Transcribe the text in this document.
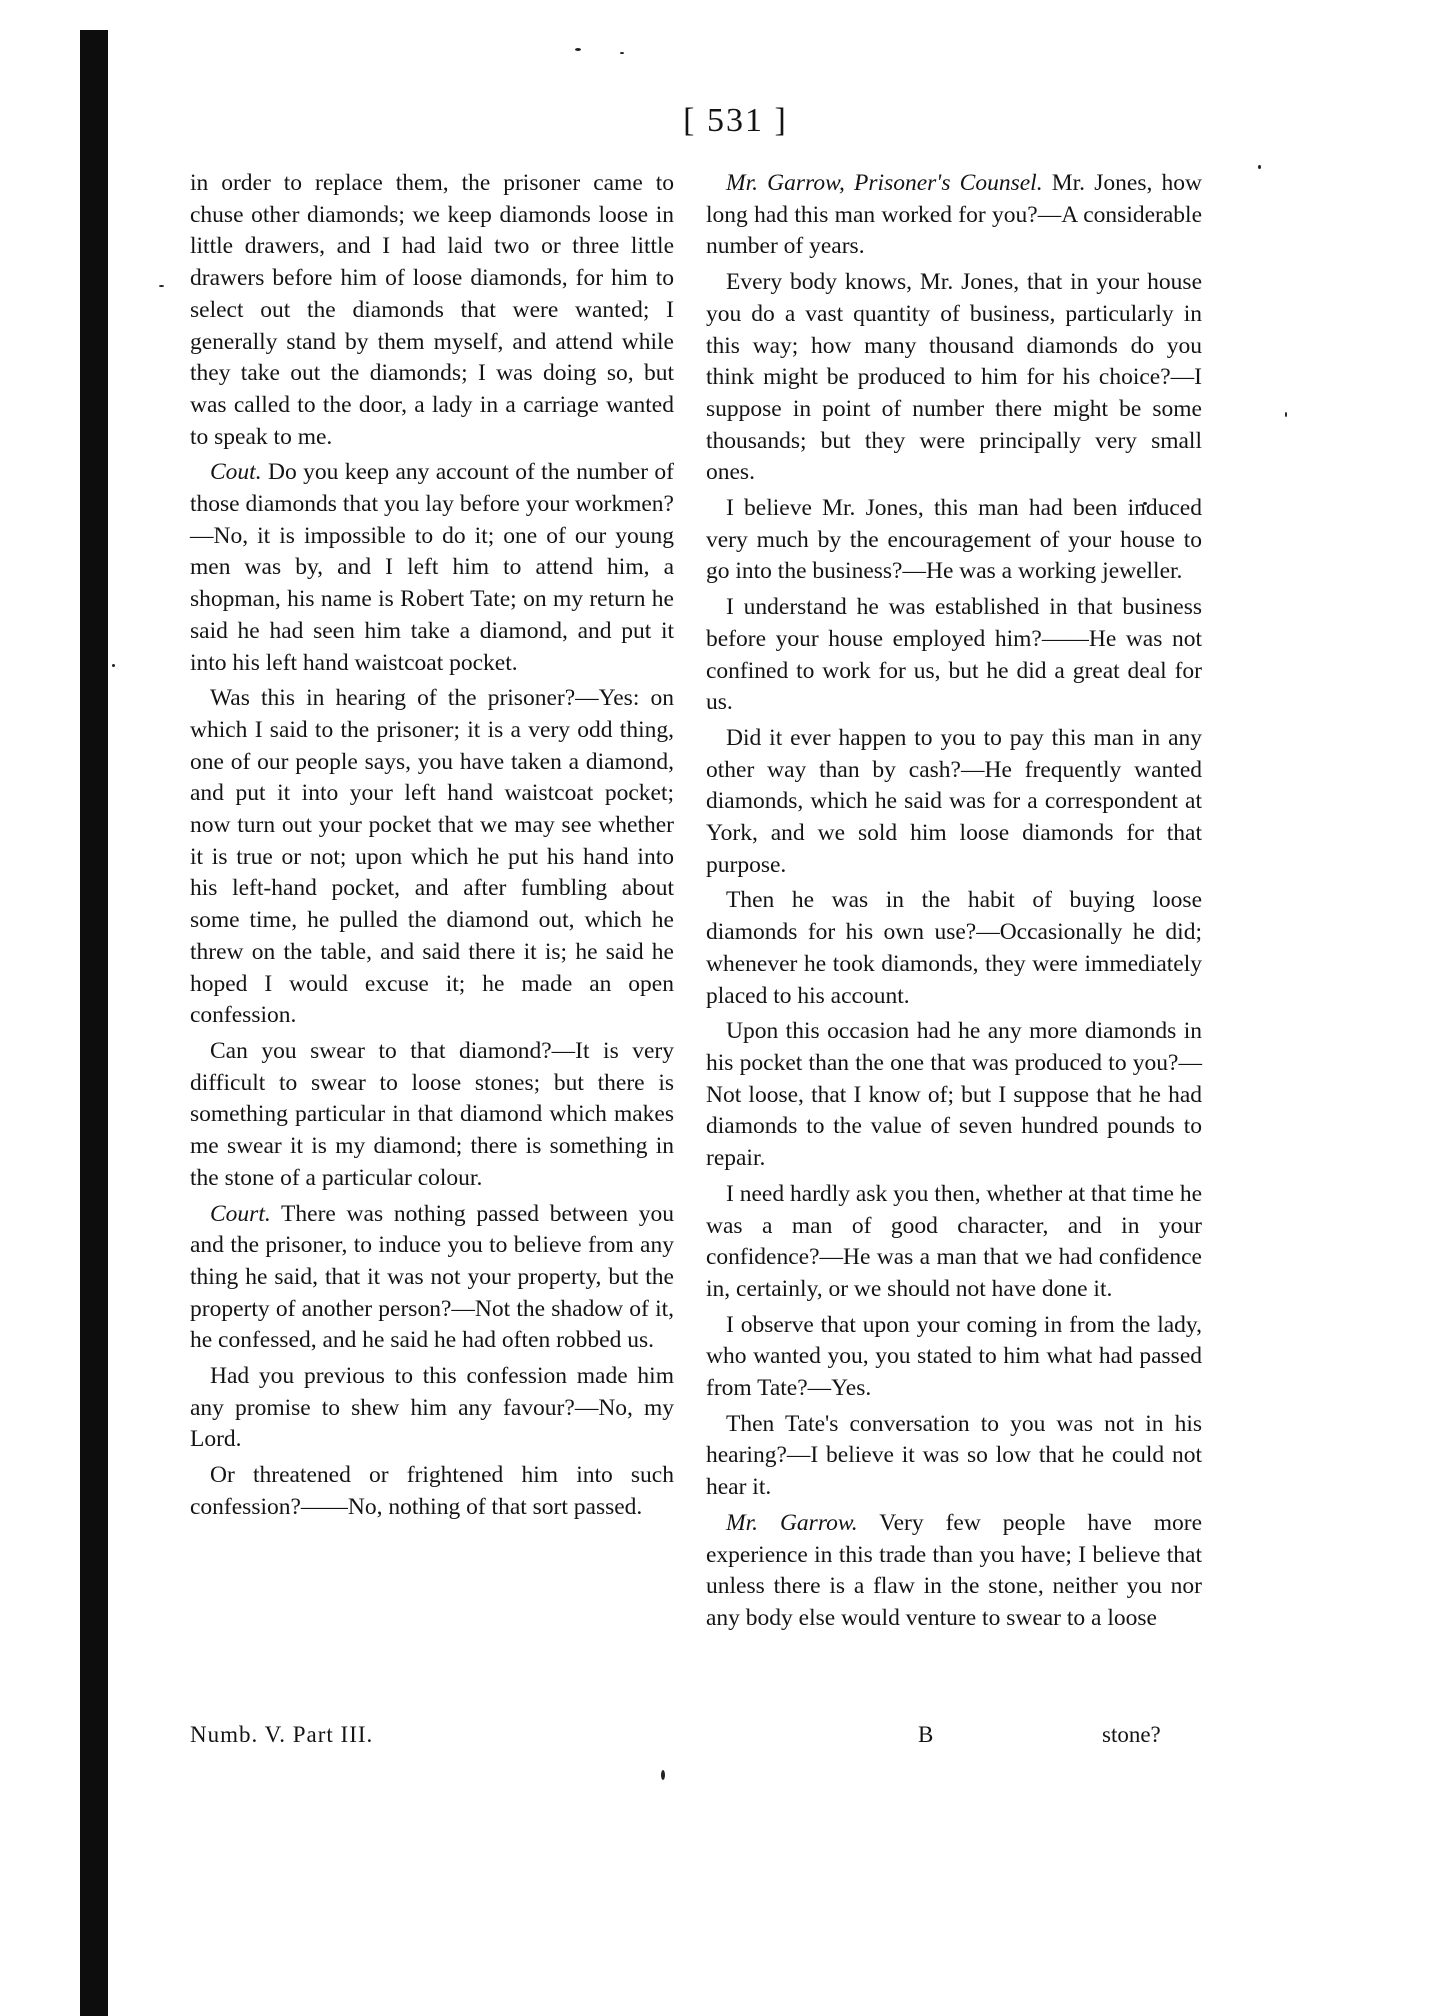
[ 531 ]

in order to replace them, the prisoner came to chuse other diamonds; we keep diamonds loose in little drawers, and I had laid two or three little drawers before him of loose diamonds, for him to select out the diamonds that were wanted; I generally stand by them myself, and attend while they take out the diamonds; I was doing so, but was called to the door, a lady in a carriage wanted to speak to me.

Cout. Do you keep any account of the number of those diamonds that you lay before your workmen?—No, it is impossible to do it; one of our young men was by, and I left him to attend him, a shopman, his name is Robert Tate; on my return he said he had seen him take a diamond, and put it into his left hand waistcoat pocket.

Was this in hearing of the prisoner?—Yes: on which I said to the prisoner; it is a very odd thing, one of our people says, you have taken a diamond, and put it into your left hand waistcoat pocket; now turn out your pocket that we may see whether it is true or not; upon which he put his hand into his left-hand pocket, and after fumbling about some time, he pulled the diamond out, which he threw on the table, and said there it is; he said he hoped I would excuse it; he made an open confession.

Can you swear to that diamond?—It is very difficult to swear to loose stones; but there is something particular in that diamond which makes me swear it is my diamond; there is something in the stone of a particular colour.

Court. There was nothing passed between you and the prisoner, to induce you to believe from any thing he said, that it was not your property, but the property of another person?—Not the shadow of it, he confessed, and he said he had often robbed us.

Had you previous to this confession made him any promise to shew him any favour?—No, my Lord.

Or threatened or frightened him into such confession?——No, nothing of that sort passed.

Mr. Garrow, Prisoner's Counsel. Mr. Jones, how long had this man worked for you?—A considerable number of years.

Every body knows, Mr. Jones, that in your house you do a vast quantity of business, particularly in this way; how many thousand diamonds do you think might be produced to him for his choice?—I suppose in point of number there might be some thousands; but they were principally very small ones.

I believe Mr. Jones, this man had been induced very much by the encouragement of your house to go into the business?—He was a working jeweller.

I understand he was established in that business before your house employed him?——He was not confined to work for us, but he did a great deal for us.

Did it ever happen to you to pay this man in any other way than by cash?—He frequently wanted diamonds, which he said was for a correspondent at York, and we sold him loose diamonds for that purpose.

Then he was in the habit of buying loose diamonds for his own use?—Occasionally he did; whenever he took diamonds, they were immediately placed to his account.

Upon this occasion had he any more diamonds in his pocket than the one that was produced to you?—Not loose, that I know of; but I suppose that he had diamonds to the value of seven hundred pounds to repair.

I need hardly ask you then, whether at that time he was a man of good character, and in your confidence?—He was a man that we had confidence in, certainly, or we should not have done it.

I observe that upon your coming in from the lady, who wanted you, you stated to him what had passed from Tate?—Yes.

Then Tate's conversation to you was not in his hearing?—I believe it was so low that he could not hear it.

Mr. Garrow. Very few people have more experience in this trade than you have; I believe that unless there is a flaw in the stone, neither you nor any body else would venture to swear to a loose

Numb. V. Part III.	B	stone?
